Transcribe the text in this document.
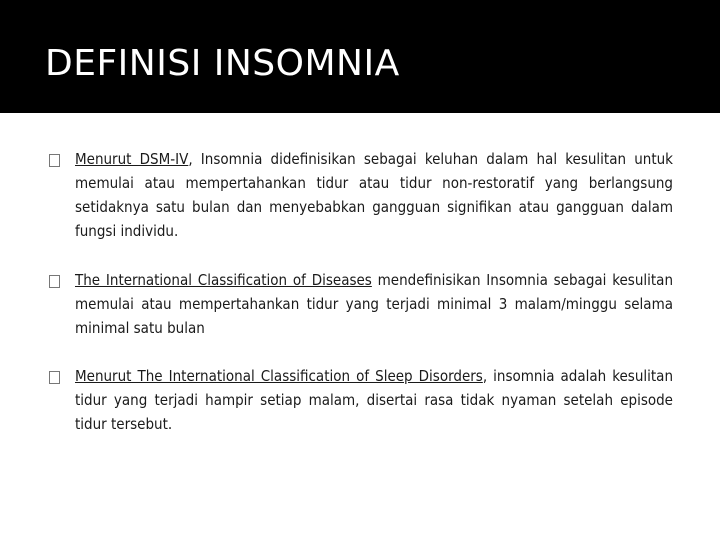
DEFINISI INSOMNIA

Menurut DSM-IV, Insomnia didefinisikan sebagai keluhan dalam hal kesulitan untuk memulai atau mempertahankan tidur atau tidur non-restoratif yang berlangsung setidaknya satu bulan dan menyebabkan gangguan signifikan atau gangguan dalam fungsi individu.

The International Classification of Diseases mendefinisikan Insomnia sebagai kesulitan memulai atau mempertahankan tidur yang terjadi minimal 3 malam/minggu selama minimal satu bulan

Menurut The International Classification of Sleep Disorders, insomnia adalah kesulitan tidur yang terjadi hampir setiap malam, disertai rasa tidak nyaman setelah episode tidur tersebut.
